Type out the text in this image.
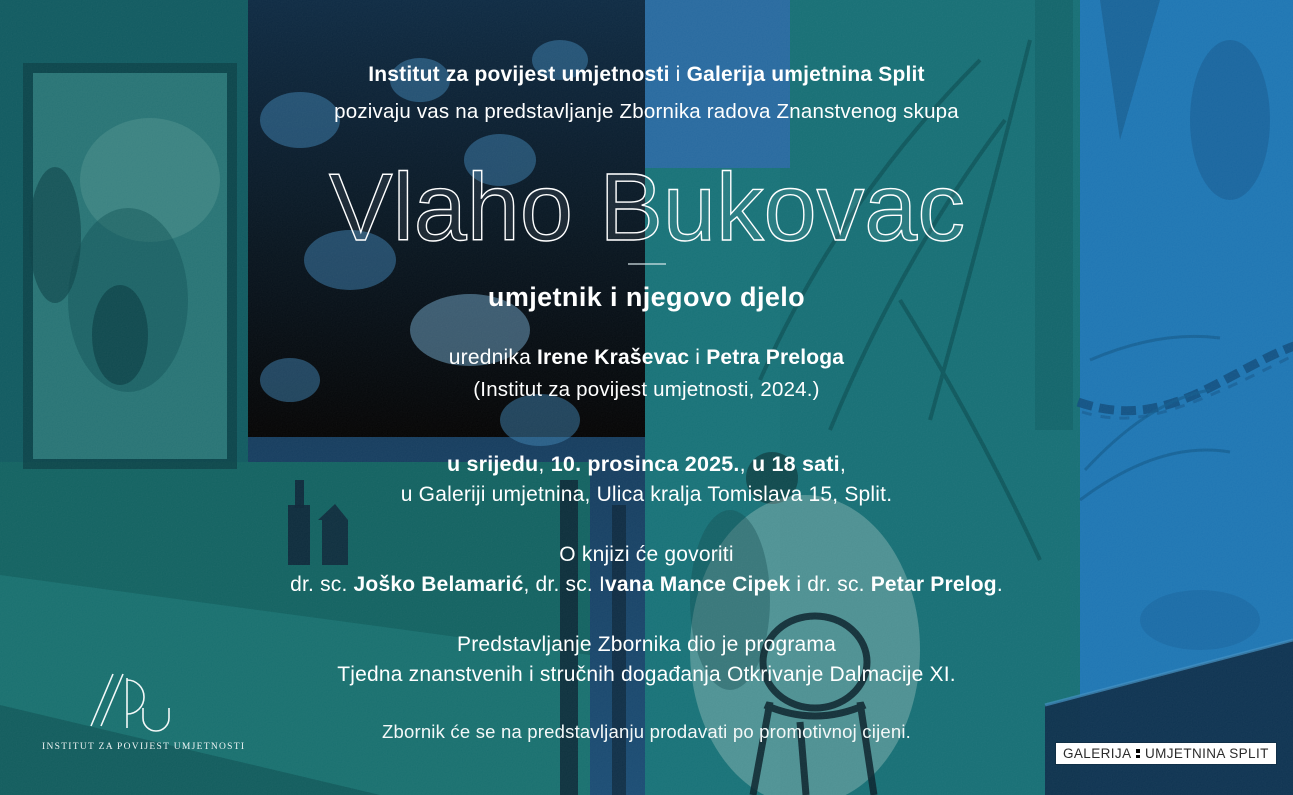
Institut za povijest umjetnosti i Galerija umjetnina Split
pozivaju vas na predstavljanje Zbornika radova Znanstvenog skupa
Vlaho Bukovac
umjetnik i njegovo djelo
urednika Irene Kraševac i Petra Preloga
(Institut za povijest umjetnosti, 2024.)
u srijedu, 10. prosinca 2025., u 18 sati,
u Galeriji umjetnina, Ulica kralja Tomislava 15, Split.
O knjizi će govoriti
dr. sc. Joško Belamarić, dr. sc. Ivana Mance Cipek i dr. sc. Petar Prelog.
Predstavljanje Zbornika dio je programa
Tjedna znanstvenih i stručnih događanja Otkrivanje Dalmacije XI.
Zbornik će se na predstavljanju prodavati po promotivnoj cijeni.
INSTITUT ZA POVIJEST UMJETNOSTI	GALERIJA UMJETNINA SPLIT
